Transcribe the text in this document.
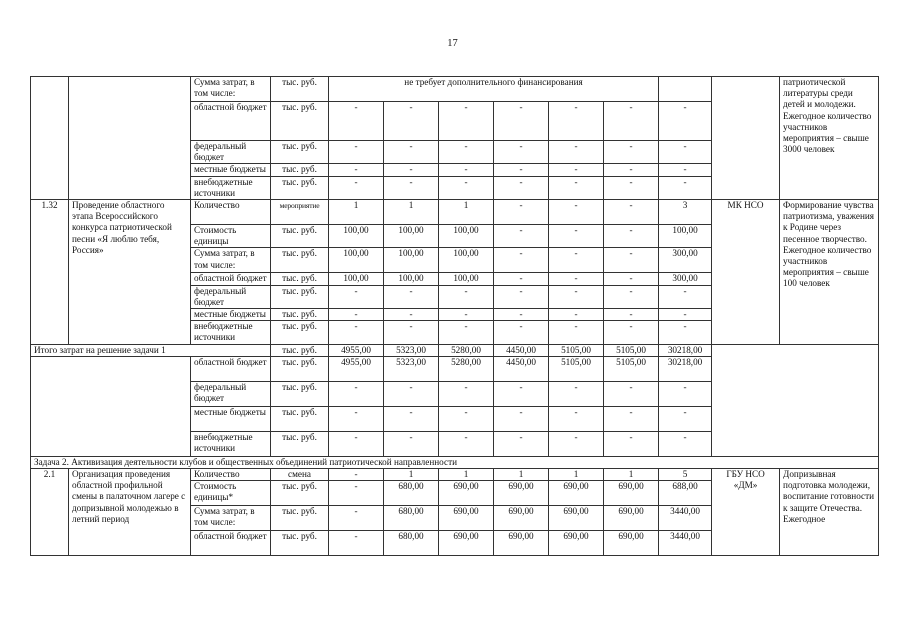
17
		Сумма затрат, в том числе:	тыс. руб.	не требует дополнительного финансирования								патриотической литературы среди детей и молодежи. Ежегодное количество участников мероприятия – свыше 3000 человек
		областной бюджет	тыс. руб.	-	-	-	-	-	-	-		
		федеральный бюджет	тыс. руб.	-	-	-	-	-	-	-		
		местные бюджеты	тыс. руб.	-	-	-	-	-	-	-		
		внебюджетные источники	тыс. руб.	-	-	-	-	-	-	-		
1.32	Проведение областного этапа Всероссийского конкурса патриотической песни «Я люблю тебя, Россия»	Количество	мероприятие	1	1	1	-	-	-	3	МК НСО	Формирование чувства патриотизма, уважения к Родине через песенное творчество. Ежегодное количество участников мероприятия – свыше 100 человек
		Стоимость единицы	тыс. руб.	100,00	100,00	100,00	-	-	-	100,00		
		Сумма затрат, в том числе:	тыс. руб.	100,00	100,00	100,00	-	-	-	300,00		
		областной бюджет	тыс. руб.	100,00	100,00	100,00	-	-	-	300,00		
		федеральный бюджет	тыс. руб.	-	-	-	-	-	-	-		
		местные бюджеты	тыс. руб.	-	-	-	-	-	-	-		
		внебюджетные источники	тыс. руб.	-	-	-	-	-	-	-		
Итого затрат на решение задачи 1			тыс. руб.	4955,00	5323,00	5280,00	4450,00	5105,00	5105,00	30218,00		
		областной бюджет	тыс. руб.	4955,00	5323,00	5280,00	4450,00	5105,00	5105,00	30218,00		
		федеральный бюджет	тыс. руб.	-	-	-	-	-	-	-		
		местные бюджеты	тыс. руб.	-	-	-	-	-	-	-		
		внебюджетные источники	тыс. руб.	-	-	-	-	-	-	-		
Задача 2. Активизация деятельности клубов и общественных объединений патриотической направленности												
2.1	Организация проведения областной профильной смены в палаточном лагере с допризывной молодежью в летний период	Количество	смена	-	1	1	1	1	1	5	ГБУ НСО «ДМ»	Допризывная подготовка молодежи, воспитание готовности к защите Отечества. Ежегодное
		Стоимость единицы*	тыс. руб.	-	680,00	690,00	690,00	690,00	690,00	688,00		
		Сумма затрат, в том числе:	тыс. руб.	-	680,00	690,00	690,00	690,00	690,00	3440,00		
		областной бюджет	тыс. руб.	-	680,00	690,00	690,00	690,00	690,00	3440,00		
